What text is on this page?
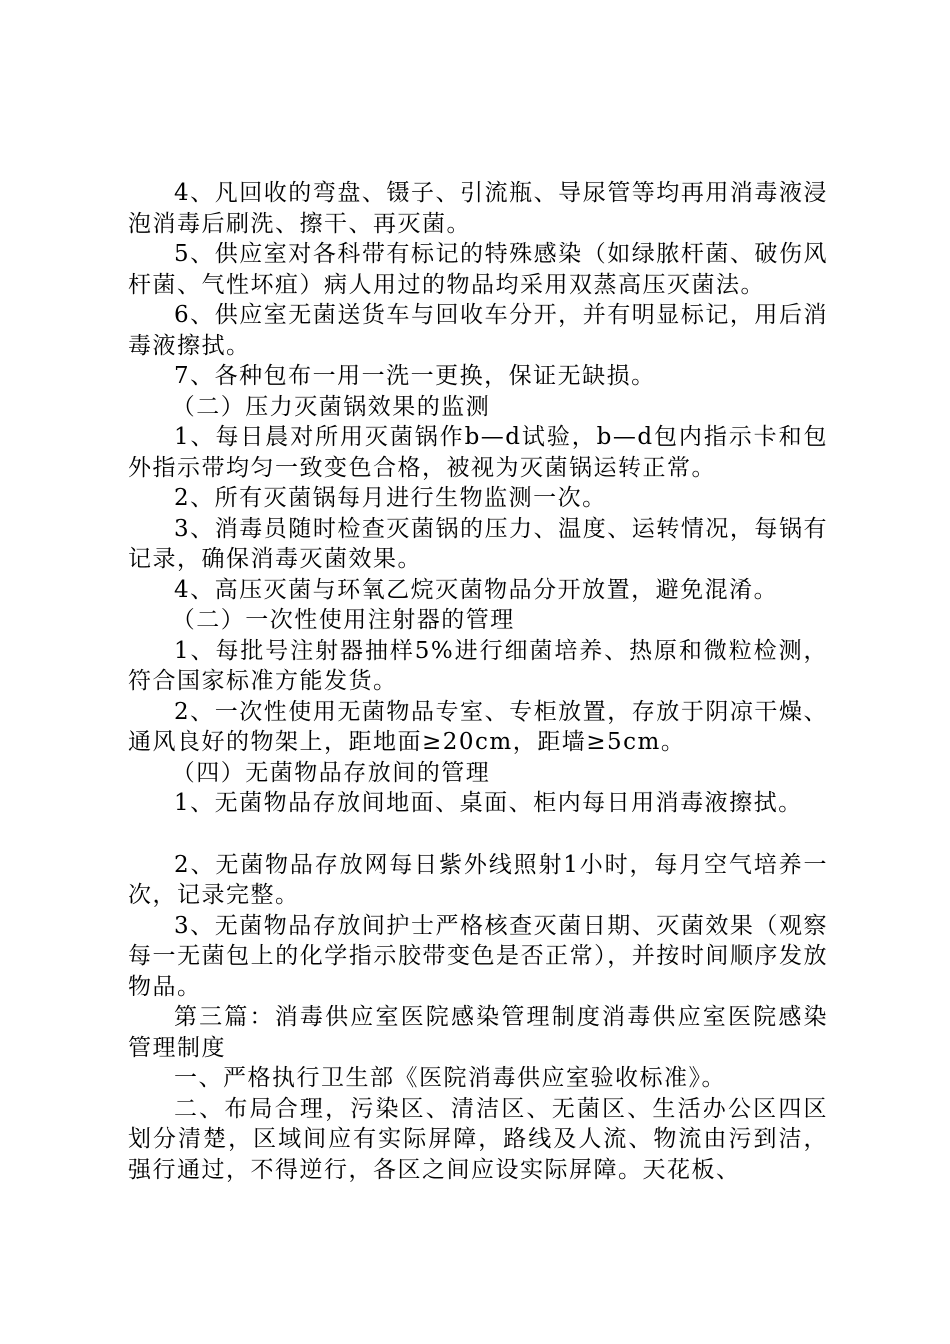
4、凡回收的弯盘、镊子、引流瓶、导尿管等均再用消毒液浸泡消毒后刷洗、擦干、再灭菌。

5、供应室对各科带有标记的特殊感染（如绿脓杆菌、破伤风杆菌、气性坏疽）病人用过的物品均采用双蒸高压灭菌法。

6、供应室无菌送货车与回收车分开，并有明显标记，用后消毒液擦拭。

7、各种包布一用一洗一更换，保证无缺损。

（二）压力灭菌锅效果的监测

1、每日晨对所用灭菌锅作b—d试验，b—d包内指示卡和包外指示带均匀一致变色合格，被视为灭菌锅运转正常。

2、所有灭菌锅每月进行生物监测一次。

3、消毒员随时检查灭菌锅的压力、温度、运转情况，每锅有记录，确保消毒灭菌效果。

4、高压灭菌与环氧乙烷灭菌物品分开放置，避免混淆。

（二）一次性使用注射器的管理

1、每批号注射器抽样5%进行细菌培养、热原和微粒检测，符合国家标准方能发货。

2、一次性使用无菌物品专室、专柜放置，存放于阴凉干燥、通风良好的物架上，距地面≥20cm，距墙≥5cm。

（四）无菌物品存放间的管理

1、无菌物品存放间地面、桌面、柜内每日用消毒液擦拭。

2、无菌物品存放网每日紫外线照射1小时，每月空气培养一次，记录完整。

3、无菌物品存放间护士严格核查灭菌日期、灭菌效果（观察每一无菌包上的化学指示胶带变色是否正常），并按时间顺序发放物品。

第三篇：消毒供应室医院感染管理制度消毒供应室医院感染管理制度

一、严格执行卫生部《医院消毒供应室验收标准》。

二、布局合理，污染区、清洁区、无菌区、生活办公区四区划分清楚，区域间应有实际屏障，路线及人流、物流由污到洁，强行通过，不得逆行，各区之间应设实际屏障。天花板、
